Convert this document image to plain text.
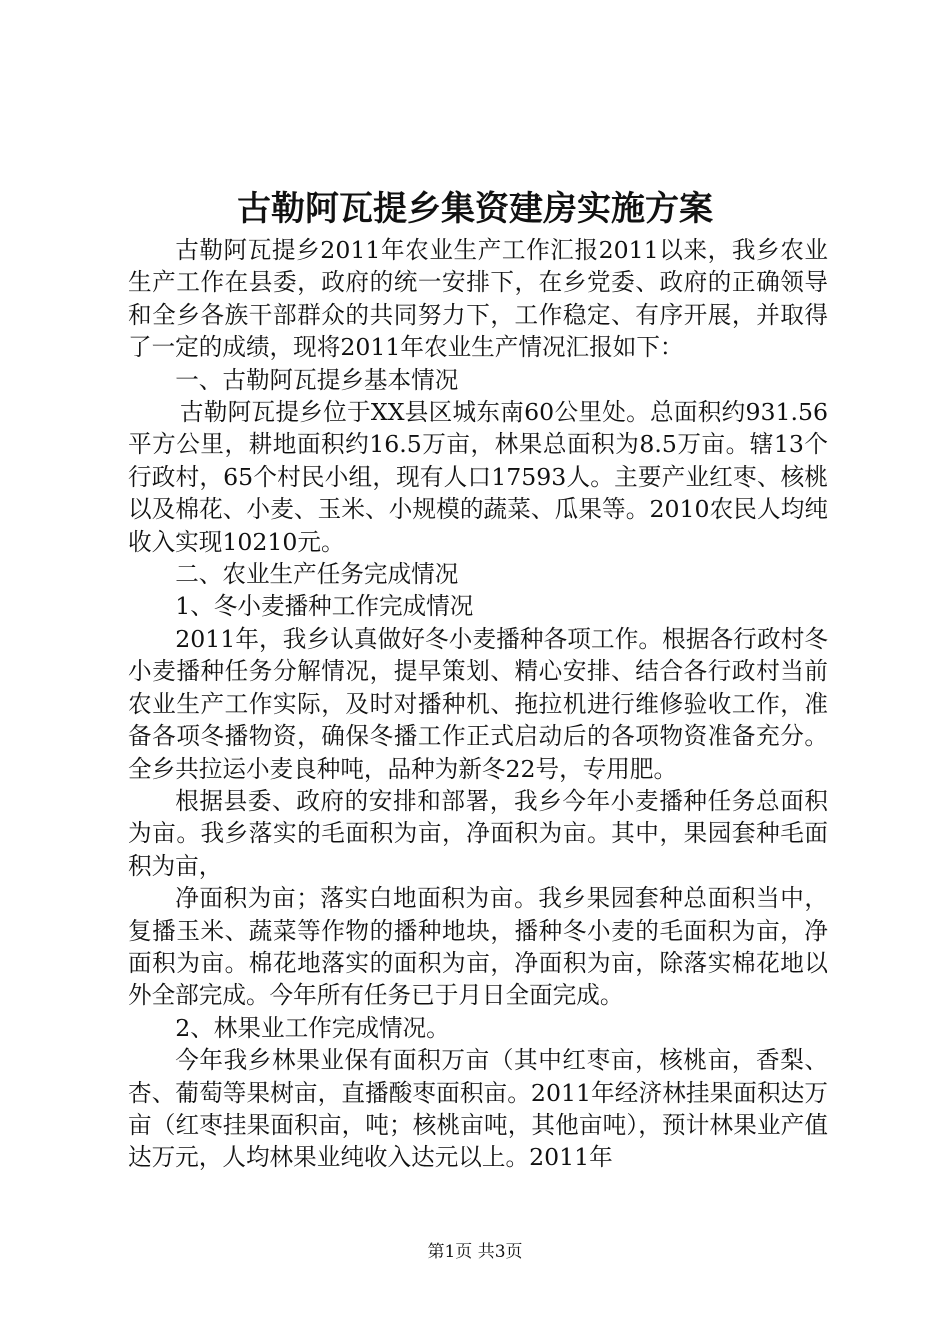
古勒阿瓦提乡集资建房实施方案

古勒阿瓦提乡2011年农业生产工作汇报2011以来，我乡农业生产工作在县委，政府的统一安排下，在乡党委、政府的正确领导和全乡各族干部群众的共同努力下，工作稳定、有序开展，并取得了一定的成绩，现将2011年农业生产情况汇报如下：

一、古勒阿瓦提乡基本情况

古勒阿瓦提乡位于XX县区城东南60公里处。总面积约931.56平方公里，耕地面积约16.5万亩，林果总面积为8.5万亩。辖13个行政村，65个村民小组，现有人口17593人。主要产业红枣、核桃以及棉花、小麦、玉米、小规模的蔬菜、瓜果等。2010农民人均纯收入实现10210元。

二、农业生产任务完成情况

1、冬小麦播种工作完成情况

2011年，我乡认真做好冬小麦播种各项工作。根据各行政村冬小麦播种任务分解情况，提早策划、精心安排、结合各行政村当前农业生产工作实际，及时对播种机、拖拉机进行维修验收工作，准备各项冬播物资，确保冬播工作正式启动后的各项物资准备充分。全乡共拉运小麦良种吨，品种为新冬22号，专用肥。

根据县委、政府的安排和部署，我乡今年小麦播种任务总面积为亩。我乡落实的毛面积为亩，净面积为亩。其中，果园套种毛面积为亩，

净面积为亩；落实白地面积为亩。我乡果园套种总面积当中，复播玉米、蔬菜等作物的播种地块，播种冬小麦的毛面积为亩，净面积为亩。棉花地落实的面积为亩，净面积为亩，除落实棉花地以外全部完成。今年所有任务已于月日全面完成。

2、林果业工作完成情况。

今年我乡林果业保有面积万亩（其中红枣亩，核桃亩，香梨、杏、葡萄等果树亩，直播酸枣面积亩。2011年经济林挂果面积达万亩（红枣挂果面积亩，吨；核桃亩吨，其他亩吨），预计林果业产值达万元，人均林果业纯收入达元以上。2011年

第1页 共3页
